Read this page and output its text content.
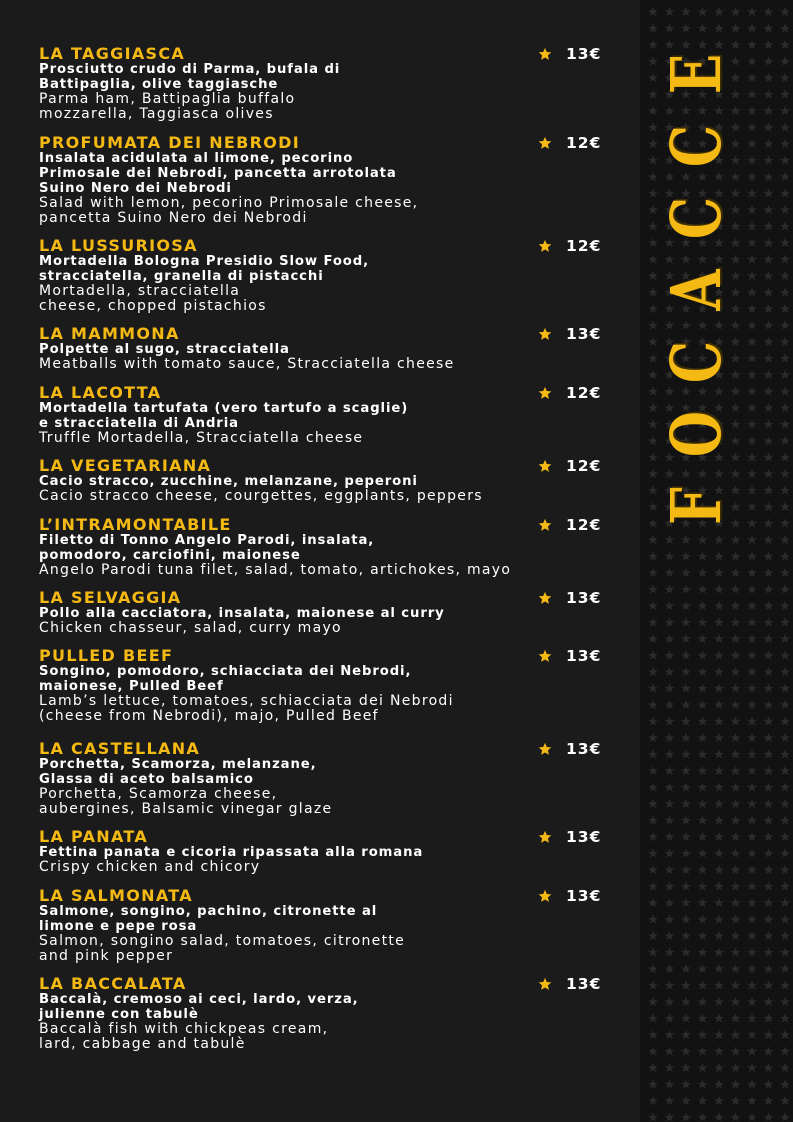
LA TAGGIASCA
Prosciutto crudo di Parma, bufala di
Battipaglia, olive taggiasche
Parma ham, Battipaglia buffalo
mozzarella, Taggiasca olives
13€
PROFUMATA DEI NEBRODI
Insalata acidulata al limone, pecorino
Primosale dei Nebrodi, pancetta arrotolata
Suino Nero dei Nebrodi
Salad with lemon, pecorino Primosale cheese,
pancetta Suino Nero dei Nebrodi
12€
LA LUSSURIOSA
Mortadella Bologna Presidio Slow Food,
stracciatella, granella di pistacchi
Mortadella, stracciatella
cheese, chopped pistachios
12€
LA MAMMONA
Polpette al sugo, stracciatella
Meatballs with tomato sauce, Stracciatella cheese
13€
LA LACOTTA
Mortadella tartufata (vero tartufo a scaglie)
e stracciatella di Andria
Truffle Mortadella, Stracciatella cheese
12€
LA VEGETARIANA
Cacio stracco, zucchine, melanzane, peperoni
Cacio stracco cheese, courgettes, eggplants, peppers
12€
L’INTRAMONTABILE
Filetto di Tonno Angelo Parodi, insalata,
pomodoro, carciofini, maionese
Angelo Parodi tuna filet, salad, tomato, artichokes, mayo
12€
LA SELVAGGIA
Pollo alla cacciatora, insalata, maionese al curry
Chicken chasseur, salad, curry mayo
13€
PULLED BEEF
Songino, pomodoro, schiacciata dei Nebrodi,
maionese, Pulled Beef
Lamb’s lettuce, tomatoes, schiacciata dei Nebrodi
(cheese from Nebrodi), majo, Pulled Beef
13€
LA CASTELLANA
Porchetta, Scamorza, melanzane,
Glassa di aceto balsamico
Porchetta, Scamorza cheese,
aubergines, Balsamic vinegar glaze
13€
LA PANATA
Fettina panata e cicoria ripassata alla romana
Crispy chicken and chicory
13€
LA SALMONATA
Salmone, songino, pachino, citronette al
limone e pepe rosa
Salmon, songino salad, tomatoes, citronette
and pink pepper
13€
LA BACCALATA
Baccalà, cremoso ai ceci, lardo, verza,
julienne con tabulè
Baccalà fish with chickpeas cream,
lard, cabbage and tabulè
13€
E
C
C
A
C
O
F
